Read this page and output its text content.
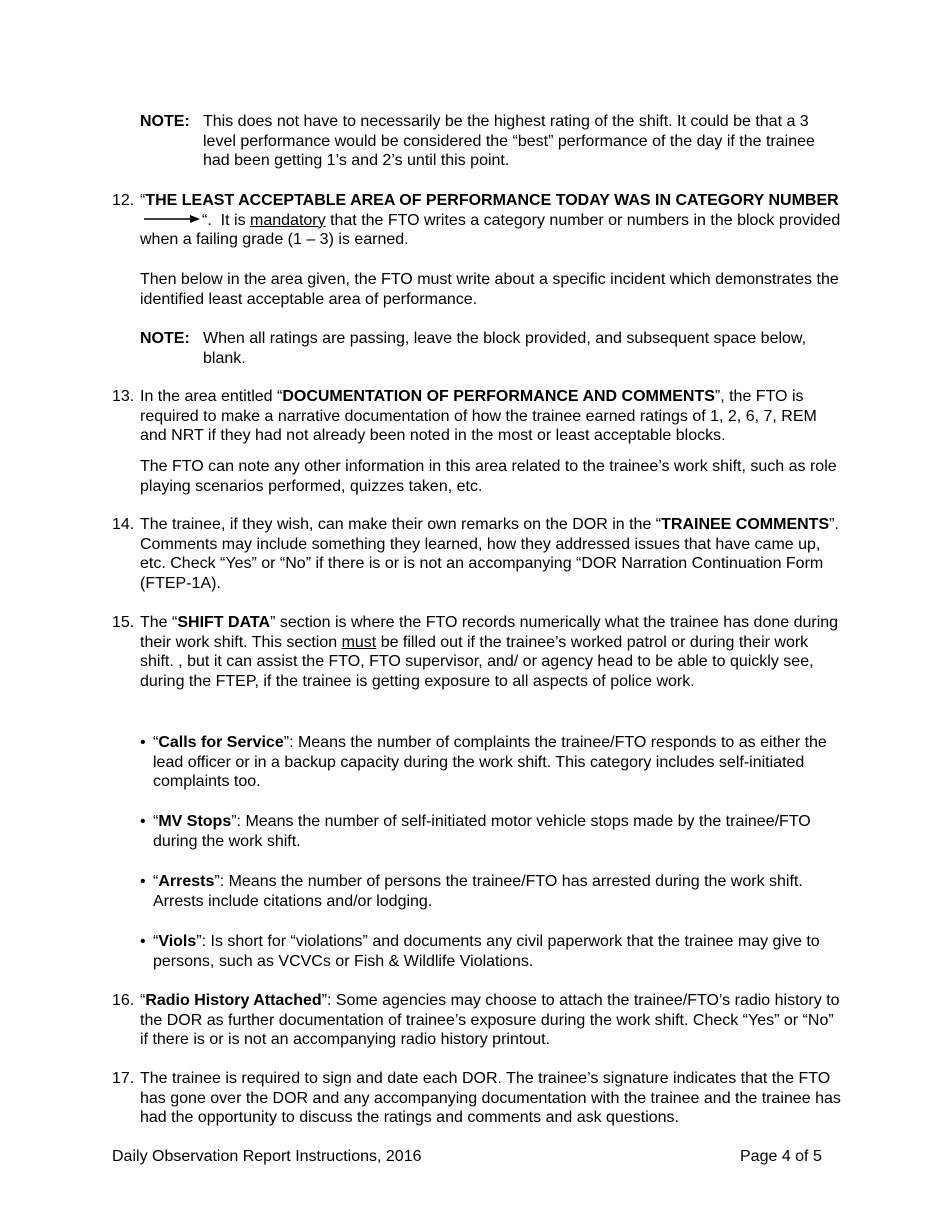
NOTE: This does not have to necessarily be the highest rating of the shift. It could be that a 3 level performance would be considered the “best” performance of the day if the trainee had been getting 1’s and 2’s until this point.
12. “THE LEAST ACCEPTABLE AREA OF PERFORMANCE TODAY WAS IN CATEGORY NUMBER“. It is mandatory that the FTO writes a category number or numbers in the block provided when a failing grade (1 – 3) is earned.
Then below in the area given, the FTO must write about a specific incident which demonstrates the identified least acceptable area of performance.
NOTE: When all ratings are passing, leave the block provided, and subsequent space below, blank.
13. In the area entitled “DOCUMENTATION OF PERFORMANCE AND COMMENTS”, the FTO is required to make a narrative documentation of how the trainee earned ratings of 1, 2, 6, 7, REM and NRT if they had not already been noted in the most or least acceptable blocks.
The FTO can note any other information in this area related to the trainee’s work shift, such as role playing scenarios performed, quizzes taken, etc.
14. The trainee, if they wish, can make their own remarks on the DOR in the “TRAINEE COMMENTS”. Comments may include something they learned, how they addressed issues that have came up, etc. Check “Yes” or “No” if there is or is not an accompanying “DOR Narration Continuation Form (FTEP-1A).
15. The “SHIFT DATA” section is where the FTO records numerically what the trainee has done during their work shift. This section must be filled out if the trainee’s worked patrol or during their work shift. , but it can assist the FTO, FTO supervisor, and/ or agency head to be able to quickly see, during the FTEP, if the trainee is getting exposure to all aspects of police work.
• “Calls for Service”: Means the number of complaints the trainee/FTO responds to as either the lead officer or in a backup capacity during the work shift. This category includes self-initiated complaints too.
• “MV Stops”: Means the number of self-initiated motor vehicle stops made by the trainee/FTO during the work shift.
• “Arrests”: Means the number of persons the trainee/FTO has arrested during the work shift. Arrests include citations and/or lodging.
• “Viols”: Is short for “violations” and documents any civil paperwork that the trainee may give to persons, such as VCVCs or Fish & Wildlife Violations.
16. “Radio History Attached”: Some agencies may choose to attach the trainee/FTO’s radio history to the DOR as further documentation of trainee’s exposure during the work shift. Check “Yes” or “No” if there is or is not an accompanying radio history printout.
17. The trainee is required to sign and date each DOR. The trainee’s signature indicates that the FTO has gone over the DOR and any accompanying documentation with the trainee and the trainee has had the opportunity to discuss the ratings and comments and ask questions.
Daily Observation Report Instructions, 2016	Page 4 of 5
